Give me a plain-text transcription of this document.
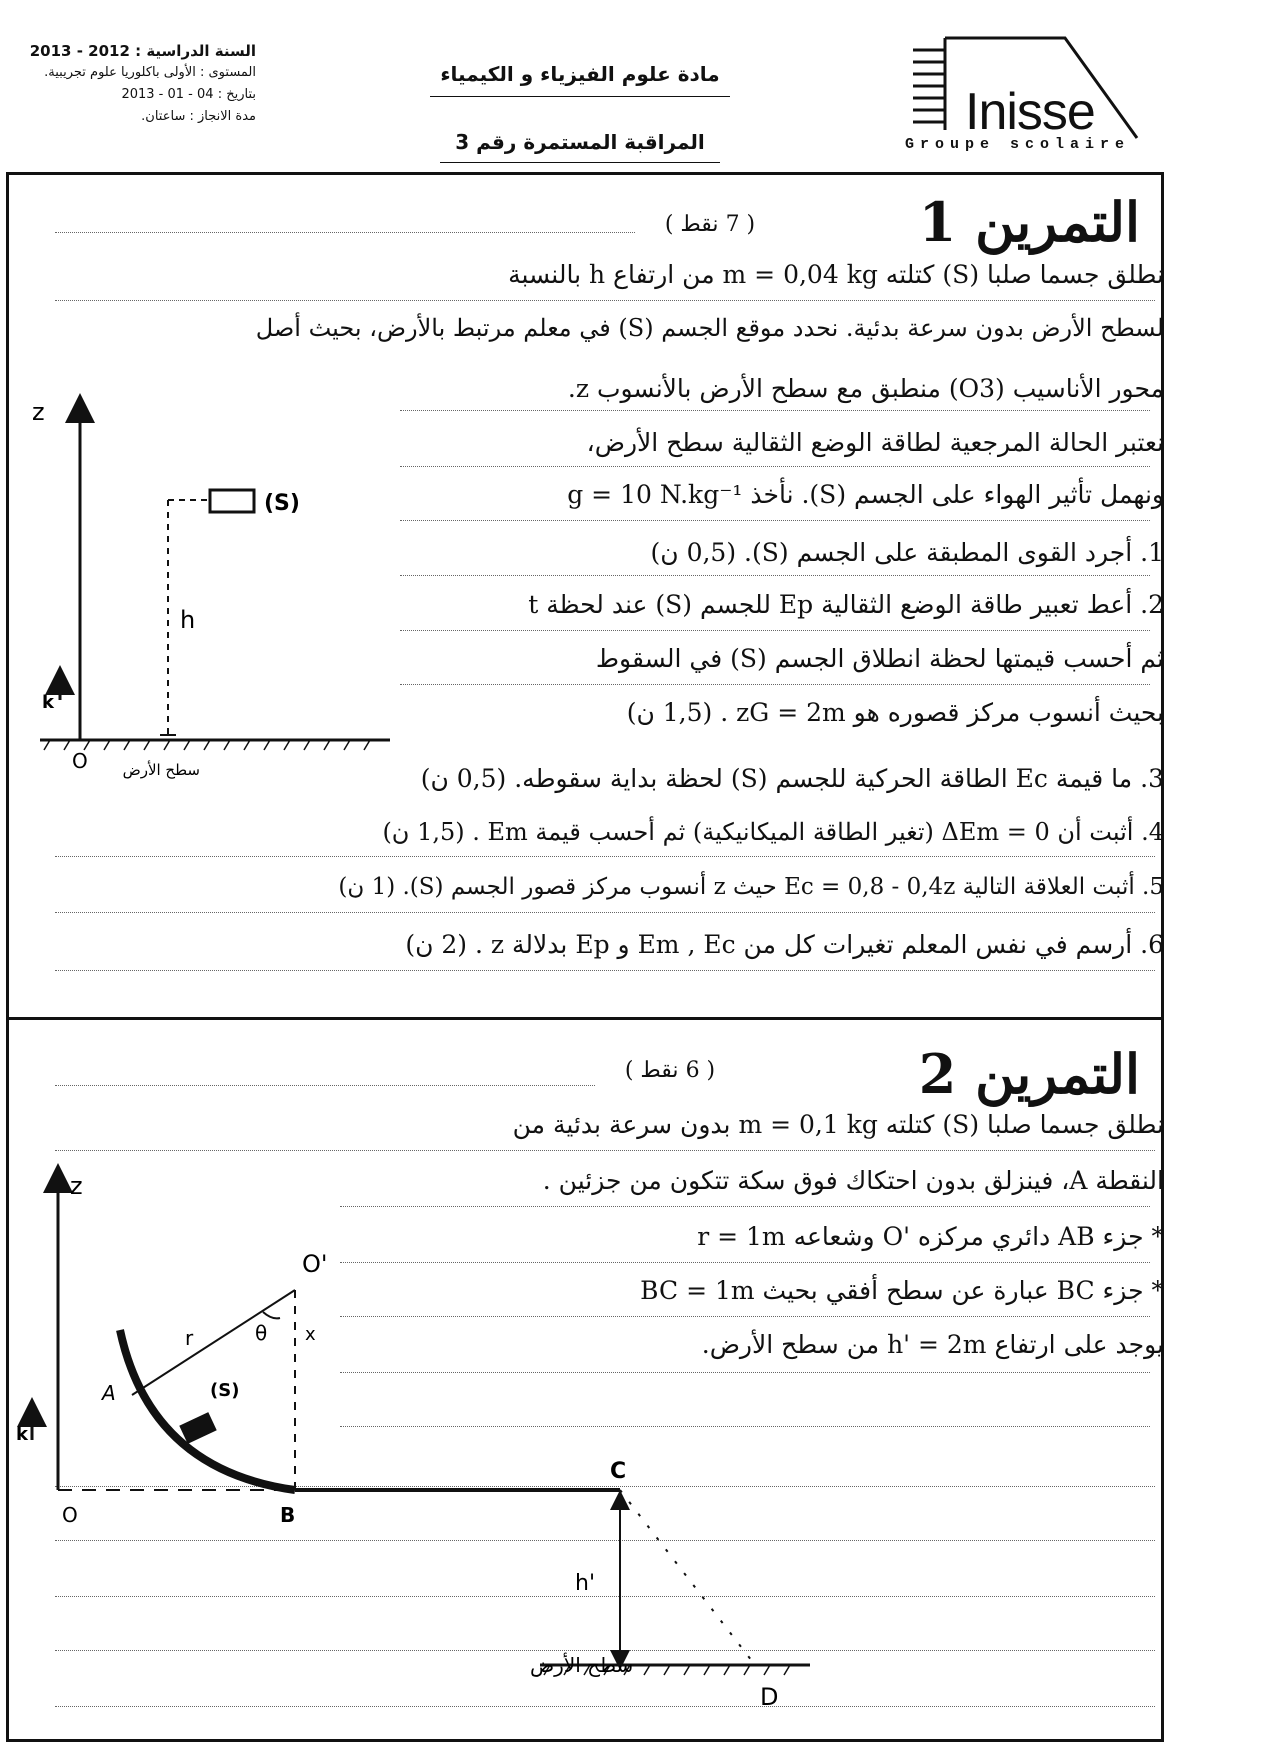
السنة الدراسية : 2012 - 2013
المستوى : الأولى باكلوريا علوم تجريبية.
بتاريخ : 04 - 01 - 2013
مدة الانجاز : ساعتان.
مادة علوم الفيزياء و الكيمياء
المراقبة المستمرة رقم 3
Inisse
Groupe scolaire
التمرين 1
( 7 نقط )
نطلق جسما صلبا (S) كتلته m = 0,04 kg من ارتفاع h بالنسبة
لسطح الأرض بدون سرعة بدئية. نحدد موقع الجسم (S) في معلم مرتبط بالأرض، بحيث أصل
محور الأناسيب (O3) منطبق مع سطح الأرض بالأنسوب z.
نعتبر الحالة المرجعية لطاقة الوضع الثقالية سطح الأرض،
ونهمل تأثير الهواء على الجسم (S). نأخذ g = 10 N.kg⁻¹
1. أجرد القوى المطبقة على الجسم (S). (0,5 ن)
2. أعط تعبير طاقة الوضع الثقالية Ep للجسم (S) عند لحظة t
ثم أحسب قيمتها لحظة انطلاق الجسم (S) في السقوط
بحيث أنسوب مركز قصوره هو zG = 2m . (1,5 ن)
3. ما قيمة Ec الطاقة الحركية للجسم (S) لحظة بداية سقوطه. (0,5 ن)
4. أثبت أن ΔEm = 0 (تغير الطاقة الميكانيكية) ثم أحسب قيمة Em . (1,5 ن)
5. أثبت العلاقة التالية Ec = 0,8 - 0,4z حيث z أنسوب مركز قصور الجسم (S). (1 ن)
6. أرسم في نفس المعلم تغيرات كل من Em , Ec و Ep بدلالة z . (2 ن)
z
O
k
h
(S)
سطح الأرض
التمرين 2
( 6 نقط )
نطلق جسما صلبا (S) كتلته m = 0,1 kg بدون سرعة بدئية من
النقطة A، فينزلق بدون احتكاك فوق سكة تتكون من جزئين .
* جزء AB دائري مركزه 'O وشعاعه r = 1m
* جزء BC عبارة عن سطح أفقي بحيث BC = 1m
يوجد على ارتفاع h' = 2m من سطح الأرض.
z
O
k
O'
r	θ x
A
B
C
D
(S)
h'
سطح الأرض
